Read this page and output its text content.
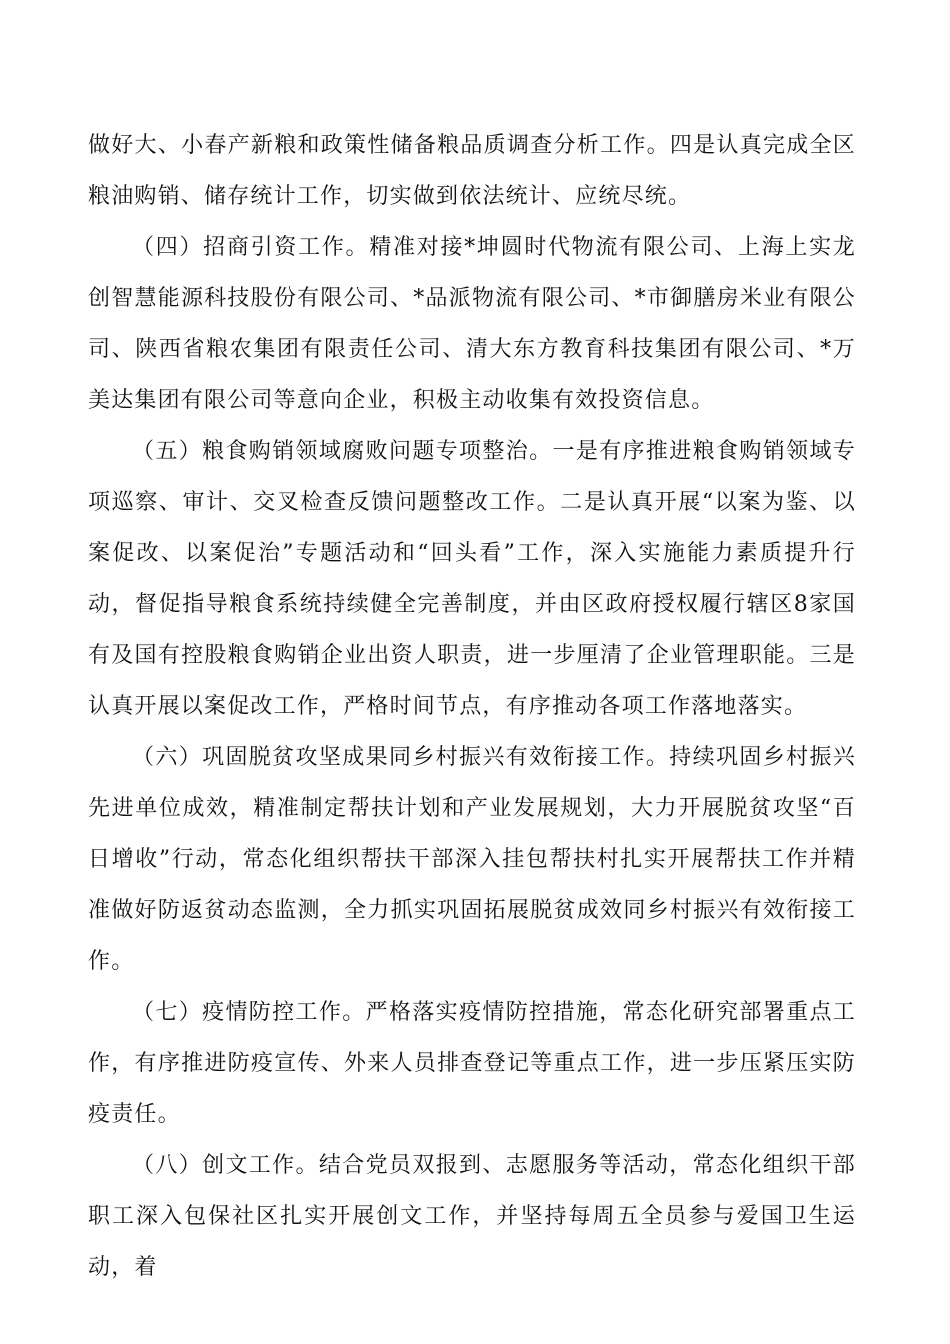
做好大、小春产新粮和政策性储备粮品质调查分析工作。四是认真完成全区粮油购销、储存统计工作，切实做到依法统计、应统尽统。

（四）招商引资工作。精准对接*坤圆时代物流有限公司、上海上实龙创智慧能源科技股份有限公司、*品派物流有限公司、*市御膳房米业有限公司、陕西省粮农集团有限责任公司、清大东方教育科技集团有限公司、*万美达集团有限公司等意向企业，积极主动收集有效投资信息。

（五）粮食购销领域腐败问题专项整治。一是有序推进粮食购销领域专项巡察、审计、交叉检查反馈问题整改工作。二是认真开展“以案为鉴、以案促改、以案促治”专题活动和“回头看”工作，深入实施能力素质提升行动，督促指导粮食系统持续健全完善制度，并由区政府授权履行辖区8家国有及国有控股粮食购销企业出资人职责，进一步厘清了企业管理职能。三是认真开展以案促改工作，严格时间节点，有序推动各项工作落地落实。

（六）巩固脱贫攻坚成果同乡村振兴有效衔接工作。持续巩固乡村振兴先进单位成效，精准制定帮扶计划和产业发展规划，大力开展脱贫攻坚“百日增收”行动，常态化组织帮扶干部深入挂包帮扶村扎实开展帮扶工作并精准做好防返贫动态监测，全力抓实巩固拓展脱贫成效同乡村振兴有效衔接工作。

（七）疫情防控工作。严格落实疫情防控措施，常态化研究部署重点工作，有序推进防疫宣传、外来人员排查登记等重点工作，进一步压紧压实防疫责任。

（八）创文工作。结合党员双报到、志愿服务等活动，常态化组织干部职工深入包保社区扎实开展创文工作，并坚持每周五全员参与爱国卫生运动，着
